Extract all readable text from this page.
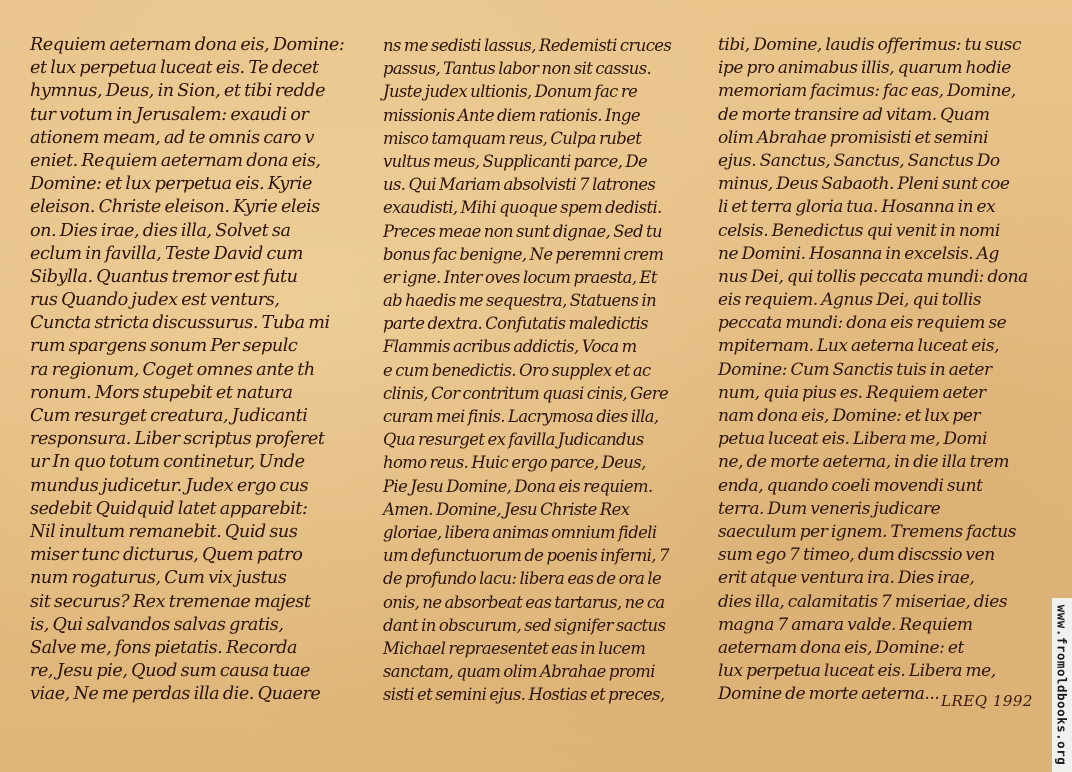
Requiem aeternam dona eis, Domine:
et lux perpetua luceat eis. Te decet
hymnus, Deus, in Sion, et tibi redde
tur votum in Jerusalem: exaudi or
ationem meam, ad te omnis caro v
eniet. Requiem aeternam dona eis,
Domine: et lux perpetua eis. Kyrie
eleison. Christe eleison. Kyrie eleis
on. Dies irae, dies illa, Solvet sa
eclum in favilla, Teste David cum
Sibylla. Quantus tremor est futu
rus Quando judex est venturs,
Cuncta stricta discussurus. Tuba mi
rum spargens sonum Per sepulc
ra regionum, Coget omnes ante th
ronum. Mors stupebit et natura
Cum resurget creatura, Judicanti
responsura. Liber scriptus proferet
ur In quo totum continetur, Unde
mundus judicetur. Judex ergo cus
sedebit Quidquid latet apparebit:
Nil inultum remanebit. Quid sus
miser tunc dicturus, Quem patro
num rogaturus, Cum vix justus
sit securus? Rex tremenae majest
is, Qui salvandos salvas gratis,
Salve me, fons pietatis. Recorda
re, Jesu pie, Quod sum causa tuae
viae, Ne me perdas illa die. Quaere
ns me sedisti lassus, Redemisti cruces
passus, Tantus labor non sit cassus.
Juste judex ultionis, Donum fac re
missionis Ante diem rationis. Inge
misco tamquam reus, Culpa rubet
vultus meus, Supplicanti parce, De
us. Qui Mariam absolvisti 7 latrones
exaudisti, Mihi quoque spem dedisti.
Preces meae non sunt dignae, Sed tu
bonus fac benigne, Ne peremni crem
er igne. Inter oves locum praesta, Et
ab haedis me sequestra, Statuens in
parte dextra. Confutatis maledictis
Flammis acribus addictis, Voca m
e cum benedictis. Oro supplex et ac
clinis, Cor contritum quasi cinis, Gere
curam mei finis. Lacrymosa dies illa,
Qua resurget ex favilla Judicandus
homo reus. Huic ergo parce, Deus,
Pie Jesu Domine, Dona eis requiem.
Amen. Domine, Jesu Christe Rex
gloriae, libera animas omnium fideli
um defunctuorum de poenis inferni, 7
de profundo lacu: libera eas de ora le
onis, ne absorbeat eas tartarus, ne ca
dant in obscurum, sed signifer sactus
Michael repraesentet eas in lucem
sanctam, quam olim Abrahae promi
sisti et semini ejus. Hostias et preces,
tibi, Domine, laudis offerimus: tu susc
ipe pro animabus illis, quarum hodie
memoriam facimus: fac eas, Domine,
de morte transire ad vitam. Quam
olim Abrahae promisisti et semini
ejus. Sanctus, Sanctus, Sanctus Do
minus, Deus Sabaoth. Pleni sunt coe
li et terra gloria tua. Hosanna in ex
celsis. Benedictus qui venit in nomi
ne Domini. Hosanna in excelsis. Ag
nus Dei, qui tollis peccata mundi: dona
eis requiem. Agnus Dei, qui tollis
peccata mundi: dona eis requiem se
mpiternam. Lux aeterna luceat eis,
Domine: Cum Sanctis tuis in aeter
num, quia pius es. Requiem aeter
nam dona eis, Domine: et lux per
petua luceat eis. Libera me, Domi
ne, de morte aeterna, in die illa trem
enda, quando coeli movendi sunt
terra. Dum veneris judicare
saeculum per ignem. Tremens factus
sum ego 7 timeo, dum discssio ven
erit atque ventura ira. Dies irae,
dies illa, calamitatis 7 miseriae, dies
magna 7 amara valde. Requiem
aeternam dona eis, Domine: et
lux perpetua luceat eis. Libera me,
Domine de morte aeterna... LREQ 1992 www.fromoldbooks.org
